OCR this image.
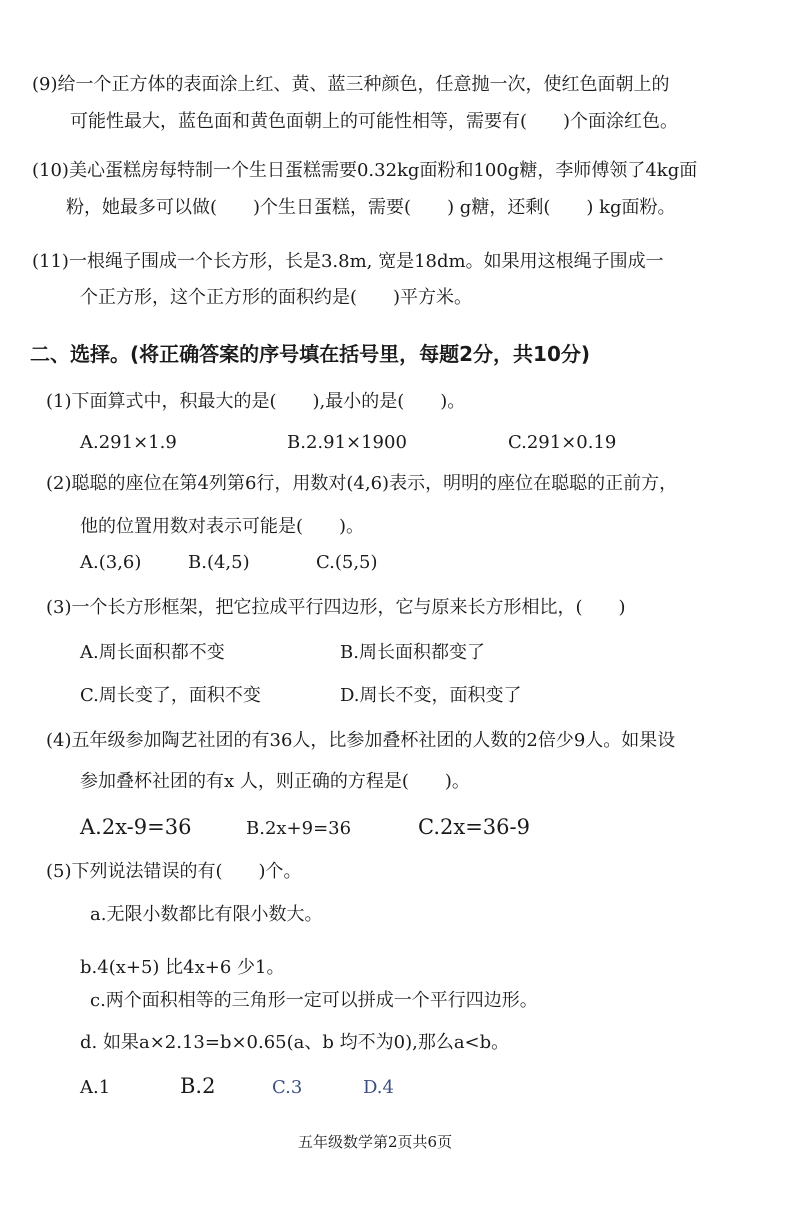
(9)给一个正方体的表面涂上红、黄、蓝三种颜色，任意抛一次，使红色面朝上的
可能性最大，蓝色面和黄色面朝上的可能性相等，需要有(　　)个面涂红色。
(10)美心蛋糕房每特制一个生日蛋糕需要0.32kg面粉和100g糖，李师傅领了4kg面
粉，她最多可以做(　　)个生日蛋糕，需要(　　) g糖，还剩(　　) kg面粉。
(11)一根绳子围成一个长方形，长是3.8m, 宽是18dm。如果用这根绳子围成一
个正方形，这个正方形的面积约是(　　)平方米。
二、选择。(将正确答案的序号填在括号里，每题2分，共10分)
(1)下面算式中，积最大的是(　　),最小的是(　　)。
A.291×1.9	B.2.91×1900	C.291×0.19
(2)聪聪的座位在第4列第6行，用数对(4,6)表示，明明的座位在聪聪的正前方，
他的位置用数对表示可能是(　　)。
A.(3,6)	B.(4,5)	C.(5,5)
(3)一个长方形框架，把它拉成平行四边形，它与原来长方形相比，(　　)
A.周长面积都不变	B.周长面积都变了
C.周长变了，面积不变	D.周长不变，面积变了
(4)五年级参加陶艺社团的有36人，比参加叠杯社团的人数的2倍少9人。如果设
参加叠杯社团的有x 人，则正确的方程是(　　)。
A.2x-9=36	B.2x+9=36	C.2x=36-9
(5)下列说法错误的有(　　)个。
a.无限小数都比有限小数大。
b.4(x+5) 比4x+6 少1。
c.两个面积相等的三角形一定可以拼成一个平行四边形。
d. 如果a×2.13=b×0.65(a、b 均不为0),那么a<b。
A.1	B.2	C.3	D.4
五年级数学第2页共6页
